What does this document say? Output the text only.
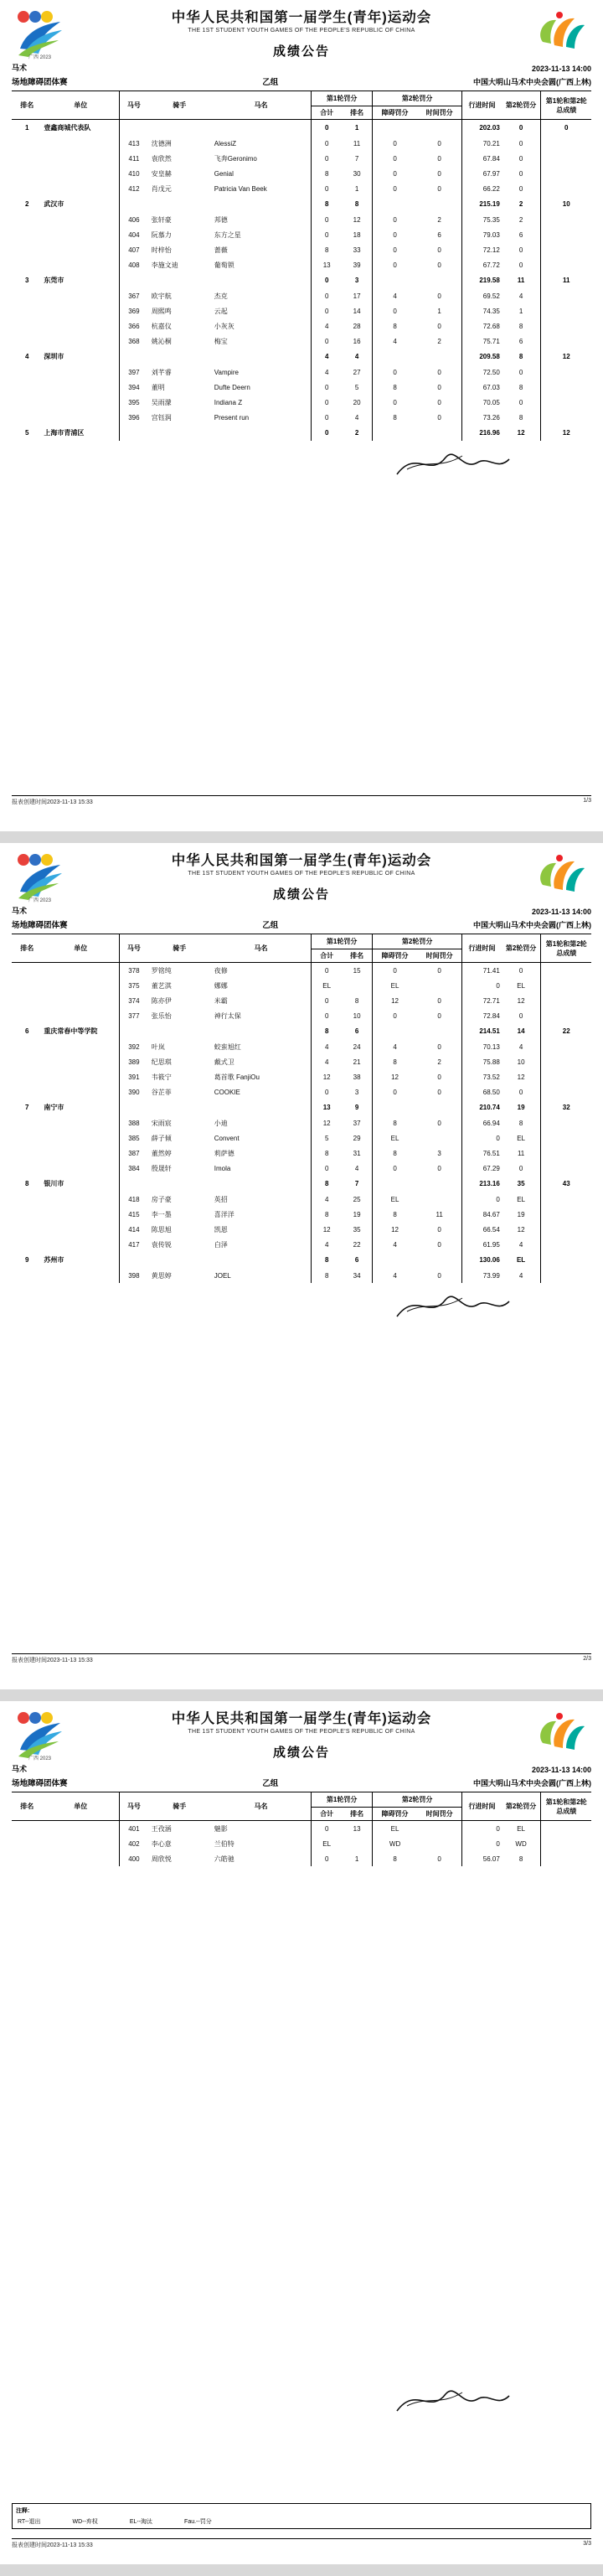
广西 2023
中华人民共和国第一届学生(青年)运动会
THE 1ST STUDENT YOUTH GAMES OF THE PEOPLE'S REPUBLIC OF CHINA
成绩公告
马术	2023-11-13 14:00
场地障碍团体赛	乙组	中国大明山马术中央会圆(广西上林)
排名	单位	马号	骑手	马名	第1轮罚分		第2轮罚分		行进时间	第2轮罚分	第1轮和第2轮总成绩
					合计	排名	障碍罚分	时间罚分			
1	壹鑫商城代表队				0	1			202.03	0	0
		413	沈德洲	AlessiZ	0	11	0	0	70.21	0	
		411	袁欣然	飞奔Geronimo	0	7	0	0	67.84	0	
		410	安皇赫	Genial	8	30	0	0	67.97	0	
		412	肖戊元	Patricia Van Beek	0	1	0	0	66.22	0	
2	武汉市				8	8			215.19	2	10
		406	张轩豪	邦德	0	12	0	2	75.35	2	
		404	阮慕力	东方之星	0	18	0	6	79.03	6	
		407	时梓怡	蔷薇	8	33	0	0	72.12	0	
		408	李施文迪	葡萄锁	13	39	0	0	67.72	0	
3	东莞市				0	3			219.58	11	11
		367	欧宇航	杰克	0	17	4	0	69.52	4	
		369	周熙鸣	云起	0	14	0	1	74.35	1	
		366	杭嘉仪	小灰灰	4	28	8	0	72.68	8	
		368	姚沁桐	梅宝	0	16	4	2	75.71	6	
4	深圳市				4	4			209.58	8	12
		397	刘芊睿	Vampire	4	27	0	0	72.50	0	
		394	董明	Dufte Deern	0	5	8	0	67.03	8	
		395	吴雨濛	Indiana Z	0	20	0	0	70.05	0	
		396	宫钰润	Present run	0	4	8	0	73.26	8	
5	上海市青浦区				0	2			216.96	12	12
报表创建时间2023-11-13 15:33	1/3
广西 2023
中华人民共和国第一届学生(青年)运动会
THE 1ST STUDENT YOUTH GAMES OF THE PEOPLE'S REPUBLIC OF CHINA
成绩公告
马术	2023-11-13 14:00
场地障碍团体赛	乙组	中国大明山马术中央会圆(广西上林)
排名	单位	马号	骑手	马名	第1轮罚分		第2轮罚分		行进时间	第2轮罚分	第1轮和第2轮总成绩
					合计	排名	障碍罚分	时间罚分			
		378	罗铭纯	夜修	0	15	0	0	71.41	0	
		375	董艺淇	娜娜	EL		EL		0	EL	
		374	陈亦伊	米霸	0	8	12	0	72.71	12	
		377	张乐怡	神行太保	0	10	0	0	72.84	0	
6	重庆常春中等学院				8	6			214.51	14	22
		392	叶岚	蛟蛮旭红	4	24	4	0	70.13	4	
		389	纪思琪	戴式卫	4	21	8	2	75.88	10	
		391	韦筱宁	葛首歌 FanjiOu	12	38	12	0	73.52	12	
		390	谷芷菲	COOKIE	0	3	0	0	68.50	0	
7	南宁市				13	9			210.74	19	32
		388	宋雨宸	小迪	12	37	8	0	66.94	8	
		385	薛子倾	Convent	5	29	EL		0	EL	
		387	董然婷	莉萨德	8	31	8	3	76.51	11	
		384	殷晟轩	Imola	0	4	0	0	67.29	0	
8	银川市				8	7			213.16	35	43
		418	房子豪	英招	4	25	EL		0	EL	
		415	李一墨	喜洋洋	8	19	8	11	84.67	19	
		414	陈思旭	凯恩	12	35	12	0	66.54	12	
		417	袁传锐	白泽	4	22	4	0	61.95	4	
9	苏州市				8	6			130.06	EL	
		398	黄思婷	JOEL	8	34	4	0	73.99	4	
报表创建时间2023-11-13 15:33	2/3
广西 2023
中华人民共和国第一届学生(青年)运动会
THE 1ST STUDENT YOUTH GAMES OF THE PEOPLE'S REPUBLIC OF CHINA
成绩公告
马术	2023-11-13 14:00
场地障碍团体赛	乙组	中国大明山马术中央会圆(广西上林)
排名	单位	马号	骑手	马名	第1轮罚分		第2轮罚分		行进时间	第2轮罚分	第1轮和第2轮总成绩
					合计	排名	障碍罚分	时间罚分			
		401	王孜涵	魅影	0	13	EL		0	EL	
		402	李心意	兰伯特	EL		WD		0	WD	
		400	周欣悦	六皓驰	0	1	8	0	56.07	8	
注释:
RT--退出	WD--弃权	EL--淘汰	Fau.--罚分
报表创建时间2023-11-13 15:33	3/3
